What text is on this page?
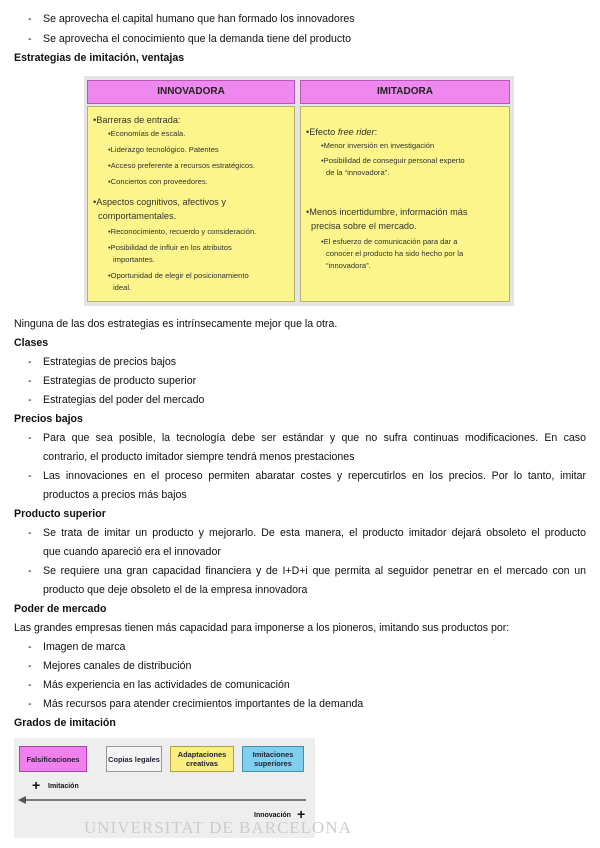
- Se aprovecha el capital humano que han formado los innovadores
- Se aprovecha el conocimiento que la demanda tiene del producto
Estrategias de imitación, ventajas
INNOVADORA	IMITADORA
•Barreras de entrada:
•Economías de escala.
•Liderazgo tecnológico. Patentes
•Acceso preferente a recursos estratégicos.
•Conciertos con proveedores.
•Aspectos cognitivos, afectivos y
comportamentales.
•Reconocimiento, recuerdo y consideración.
•Posibilidad de influir en los atributos
importantes.
•Oportunidad de elegir el posicionamiento
ideal.
•Efecto free rider:
•Menor inversión en investigación
•Posibilidad de conseguir personal experto
de la “innovadora”.
•Menos incertidumbre, información más
precisa sobre el mercado.
•El esfuerzo de comunicación para dar a
conocer el producto ha sido hecho por la
“innovadora”.
Ninguna de las dos estrategias es intrínsecamente mejor que la otra.
Clases
- Estrategias de precios bajos
- Estrategias de producto superior
- Estrategias del poder del mercado
Precios bajos
- Para que sea posible, la tecnología debe ser estándar y que no sufra continuas modificaciones. En caso
contrario, el producto imitador siempre tendrá menos prestaciones
- Las innovaciones en el proceso permiten abaratar costes y repercutirlos en los precios. Por lo tanto, imitar
productos a precios más bajos
Producto superior
- Se trata de imitar un producto y mejorarlo. De esta manera, el producto imitador dejará obsoleto el producto
que cuando apareció era el innovador
- Se requiere una gran capacidad financiera y de I+D+i que permita al seguidor penetrar en el mercado con un
producto que deje obsoleto el de la empresa innovadora
Poder de mercado
Las grandes empresas tienen más capacidad para imponerse a los pioneros, imitando sus productos por:
- Imagen de marca
- Mejores canales de distribución
- Más experiencia en las actividades de comunicación
- Más recursos para atender crecimientos importantes de la demanda
Grados de imitación
UNIVERSITAT DE BARCELONA
Falsificaciones	Copias legales	Adaptaciones creativas
Imitaciones superiores
+ Imitación
Innovación +
